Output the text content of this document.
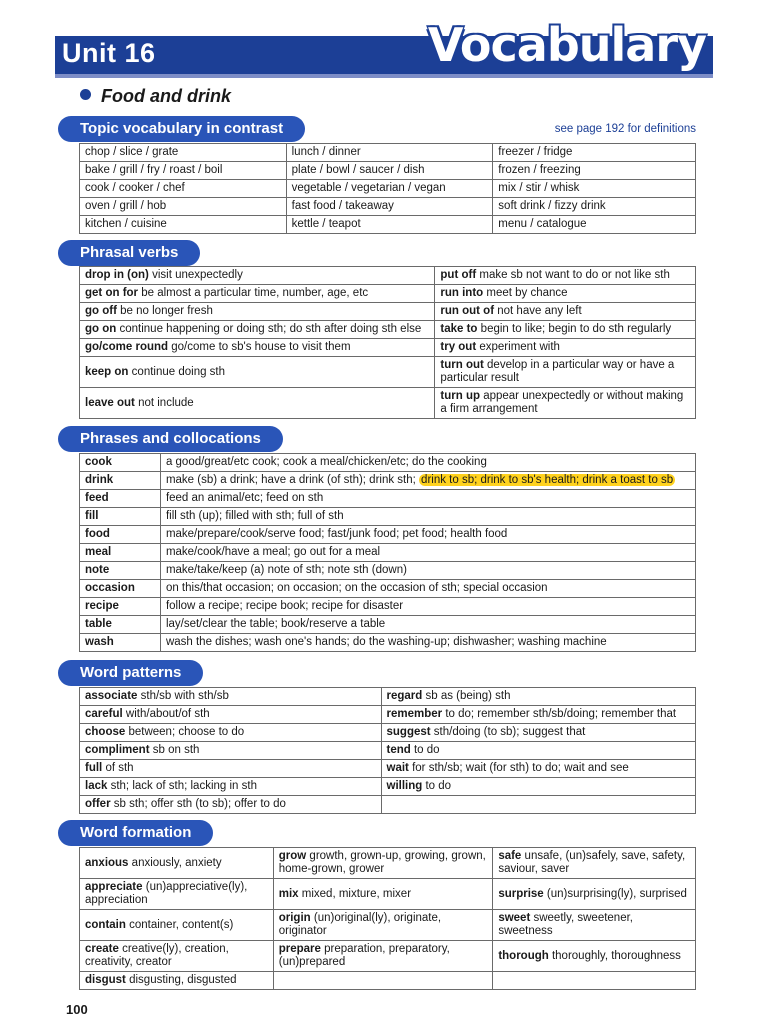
Unit 16	Vocabulary
Food and drink
Topic vocabulary in contrast	see page 192 for definitions
chop / slice / grate	lunch / dinner	freezer / fridge
bake / grill / fry / roast / boil	plate / bowl / saucer / dish	frozen / freezing
cook / cooker / chef	vegetable / vegetarian / vegan	mix / stir / whisk
oven / grill / hob	fast food / takeaway	soft drink / fizzy drink
kitchen / cuisine	kettle / teapot	menu / catalogue
Phrasal verbs
drop in (on) visit unexpectedly	put off make sb not want to do or not like sth
get on for be almost a particular time, number, age, etc	run into meet by chance
go off be no longer fresh	run out of not have any left
go on continue happening or doing sth; do sth after doing sth else	take to begin to like; begin to do sth regularly
go/come round go/come to sb's house to visit them	try out experiment with
keep on continue doing sth	turn out develop in a particular way or have a particular result
leave out not include	turn up appear unexpectedly or without making a firm arrangement
Phrases and collocations
cook	a good/great/etc cook; cook a meal/chicken/etc; do the cooking
drink	make (sb) a drink; have a drink (of sth); drink sth; drink to sb; drink to sb's health; drink a toast to sb
feed	feed an animal/etc; feed on sth
fill	fill sth (up); filled with sth; full of sth
food	make/prepare/cook/serve food; fast/junk food; pet food; health food
meal	make/cook/have a meal; go out for a meal
note	make/take/keep (a) note of sth; note sth (down)
occasion	on this/that occasion; on occasion; on the occasion of sth; special occasion
recipe	follow a recipe; recipe book; recipe for disaster
table	lay/set/clear the table; book/reserve a table
wash	wash the dishes; wash one's hands; do the washing-up; dishwasher; washing machine
Word patterns
associate sth/sb with sth/sb	regard sb as (being) sth
careful with/about/of sth	remember to do; remember sth/sb/doing; remember that
choose between; choose to do	suggest sth/doing (to sb); suggest that
compliment sb on sth	tend to do
full of sth	wait for sth/sb; wait (for sth) to do; wait and see
lack sth; lack of sth; lacking in sth	willing to do
offer sb sth; offer sth (to sb); offer to do	
Word formation
anxious anxiously, anxiety	grow growth, grown-up, growing, grown, home-grown, grower	safe unsafe, (un)safely, save, safety, saviour, saver
appreciate (un)appreciative(ly), appreciation	mix mixed, mixture, mixer	surprise (un)surprising(ly), surprised
contain container, content(s)	origin (un)original(ly), originate, originator	sweet sweetly, sweetener, sweetness
create creative(ly), creation, creativity, creator	prepare preparation, preparatory, (un)prepared	thorough thoroughly, thoroughness
disgust disgusting, disgusted		
100
